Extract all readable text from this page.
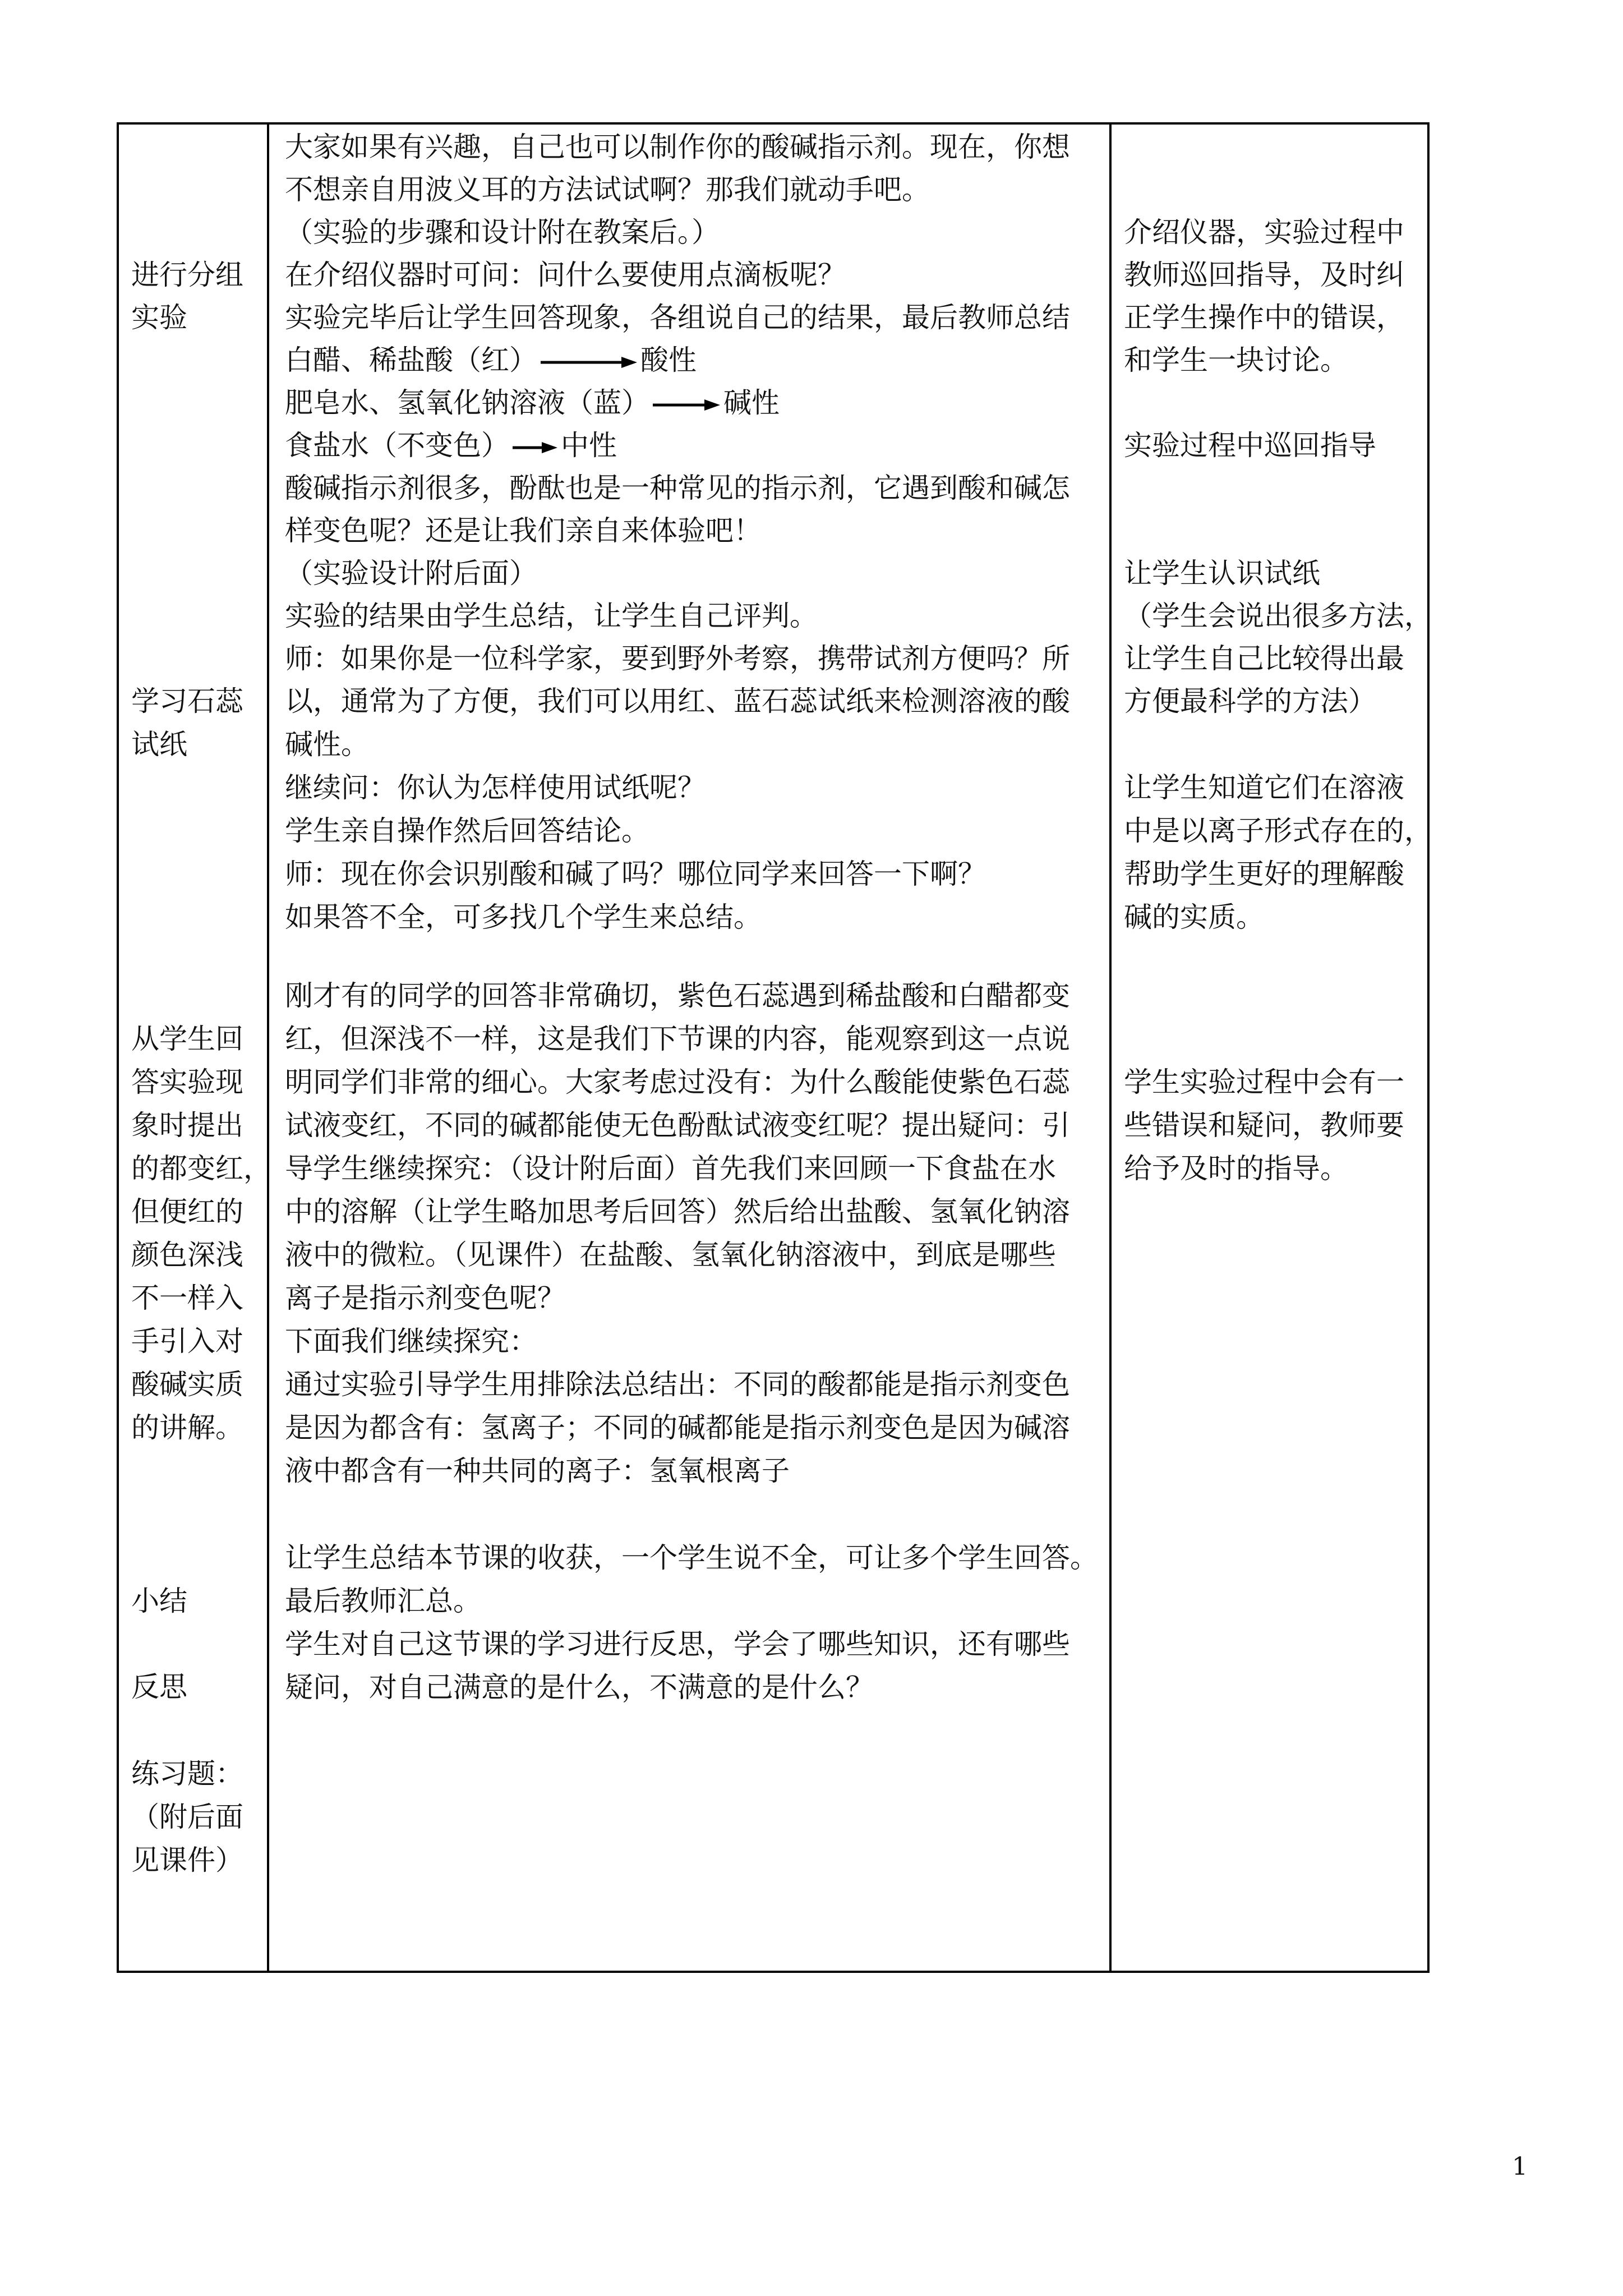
进行分组
实验
学习石蕊
试纸
从学生回
答实验现
象时提出
的都变红，
但便红的
颜色深浅
不一样入
手引入对
酸碱实质
的讲解。
小结
反思
练习题：
（附后面
见课件）
大家如果有兴趣，自己也可以制作你的酸碱指示剂。现在，你想
不想亲自用波义耳的方法试试啊？那我们就动手吧。
（实验的步骤和设计附在教案后。）
在介绍仪器时可问：问什么要使用点滴板呢？
实验完毕后让学生回答现象，各组说自己的结果，最后教师总结
白醋、稀盐酸（红）	酸性
肥皂水、氢氧化钠溶液（蓝）	碱性
食盐水（不变色） 中性
酸碱指示剂很多，酚酞也是一种常见的指示剂，它遇到酸和碱怎
样变色呢？还是让我们亲自来体验吧！
（实验设计附后面）
实验的结果由学生总结，让学生自己评判。
师：如果你是一位科学家，要到野外考察，携带试剂方便吗？所
以，通常为了方便，我们可以用红、蓝石蕊试纸来检测溶液的酸
碱性。
继续问：你认为怎样使用试纸呢？
学生亲自操作然后回答结论。
师：现在你会识别酸和碱了吗？哪位同学来回答一下啊？
如果答不全，可多找几个学生来总结。
刚才有的同学的回答非常确切，紫色石蕊遇到稀盐酸和白醋都变
红，但深浅不一样，这是我们下节课的内容，能观察到这一点说
明同学们非常的细心。大家考虑过没有：为什么酸能使紫色石蕊
试液变红，不同的碱都能使无色酚酞试液变红呢？提出疑问：引
导学生继续探究：（设计附后面）首先我们来回顾一下食盐在水
中的溶解（让学生略加思考后回答）然后给出盐酸、氢氧化钠溶
液中的微粒。（见课件）在盐酸、氢氧化钠溶液中，到底是哪些
离子是指示剂变色呢？
下面我们继续探究：
通过实验引导学生用排除法总结出：不同的酸都能是指示剂变色
是因为都含有：氢离子；不同的碱都能是指示剂变色是因为碱溶
液中都含有一种共同的离子：氢氧根离子
让学生总结本节课的收获，一个学生说不全，可让多个学生回答。
最后教师汇总。
学生对自己这节课的学习进行反思，学会了哪些知识，还有哪些
疑问，对自己满意的是什么，不满意的是什么？
介绍仪器，实验过程中
教师巡回指导，及时纠
正学生操作中的错误，
和学生一块讨论。
实验过程中巡回指导
让学生认识试纸
（学生会说出很多方法，
让学生自己比较得出最
方便最科学的方法）
让学生知道它们在溶液
中是以离子形式存在的，
帮助学生更好的理解酸
碱的实质。
学生实验过程中会有一
些错误和疑问，教师要
给予及时的指导。
1
